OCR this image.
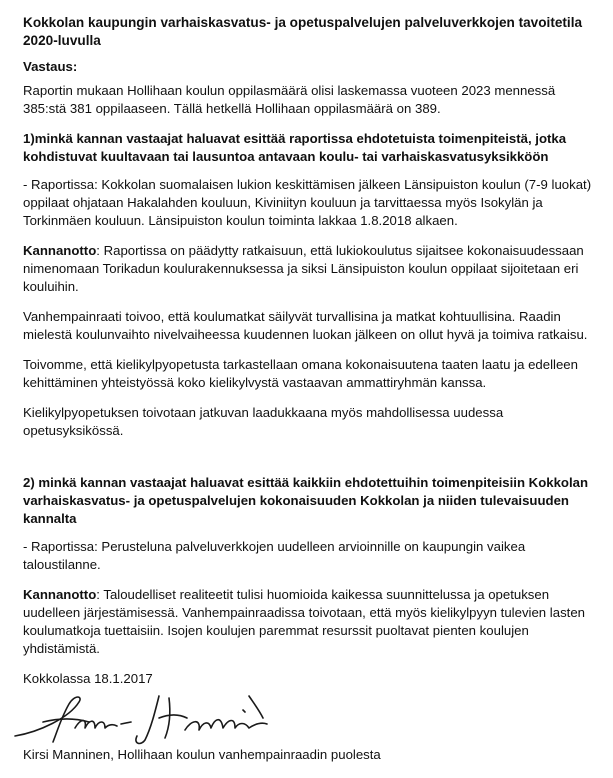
Kokkolan kaupungin varhaiskasvatus- ja opetuspalvelujen palveluverkkojen tavoitetila 2020-luvulla
Vastaus:

Raportin mukaan Hollihaan koulun oppilasmäärä olisi laskemassa vuoteen 2023 mennessä 385:stä 381 oppilaaseen. Tällä hetkellä Hollihaan oppilasmäärä on 389.

1)minkä kannan vastaajat haluavat esittää raportissa ehdotetuista toimenpiteistä, jotka kohdistuvat kuultavaan tai lausuntoa antavaan koulu- tai varhaiskasvatusyksikköön

- Raportissa: Kokkolan suomalaisen lukion keskittämisen jälkeen Länsipuiston koulun (7-9 luokat) oppilaat ohjataan Hakalahden kouluun, Kiviniityn kouluun ja tarvittaessa myös Isokylän ja Torkinmäen kouluun. Länsipuiston koulun toiminta lakkaa 1.8.2018 alkaen.

Kannanotto: Raportissa on päädytty ratkaisuun, että lukiokoulutus sijaitsee kokonaisuudessaan nimenomaan Torikadun koulurakennuksessa ja siksi Länsipuiston koulun oppilaat sijoitetaan eri kouluihin.

Vanhempainraati toivoo, että koulumatkat säilyvät turvallisina ja matkat kohtuullisina. Raadin mielestä koulunvaihto nivelvaiheessa kuudennen luokan jälkeen on ollut hyvä ja toimiva ratkaisu.

Toivomme, että kielikylpyopetusta tarkastellaan omana kokonaisuutena taaten laatu ja edelleen kehittäminen yhteistyössä koko kielikylvystä vastaavan ammattiryhmän kanssa.

Kielikylpyopetuksen toivotaan jatkuvan laadukkaana myös mahdollisessa uudessa opetusyksikössä.

2) minkä kannan vastaajat haluavat esittää kaikkiin ehdotettuihin toimenpiteisiin Kokkolan varhaiskasvatus- ja opetuspalvelujen kokonaisuuden Kokkolan ja niiden tulevaisuuden kannalta

- Raportissa: Perusteluna palveluverkkojen uudelleen arvioinnille on kaupungin vaikea taloustilanne.

Kannanotto: Taloudelliset realiteetit tulisi huomioida kaikessa suunnittelussa ja opetuksen uudelleen järjestämisessä. Vanhempainraadissa toivotaan, että myös kielikylpyyn tulevien lasten koulumatkoja tuettaisiin. Isojen koulujen paremmat resurssit puoltavat pienten koulujen yhdistämistä.

Kokkolassa 18.1.2017
Kirsi Manninen, Hollihaan koulun vanhempainraadin puolesta
